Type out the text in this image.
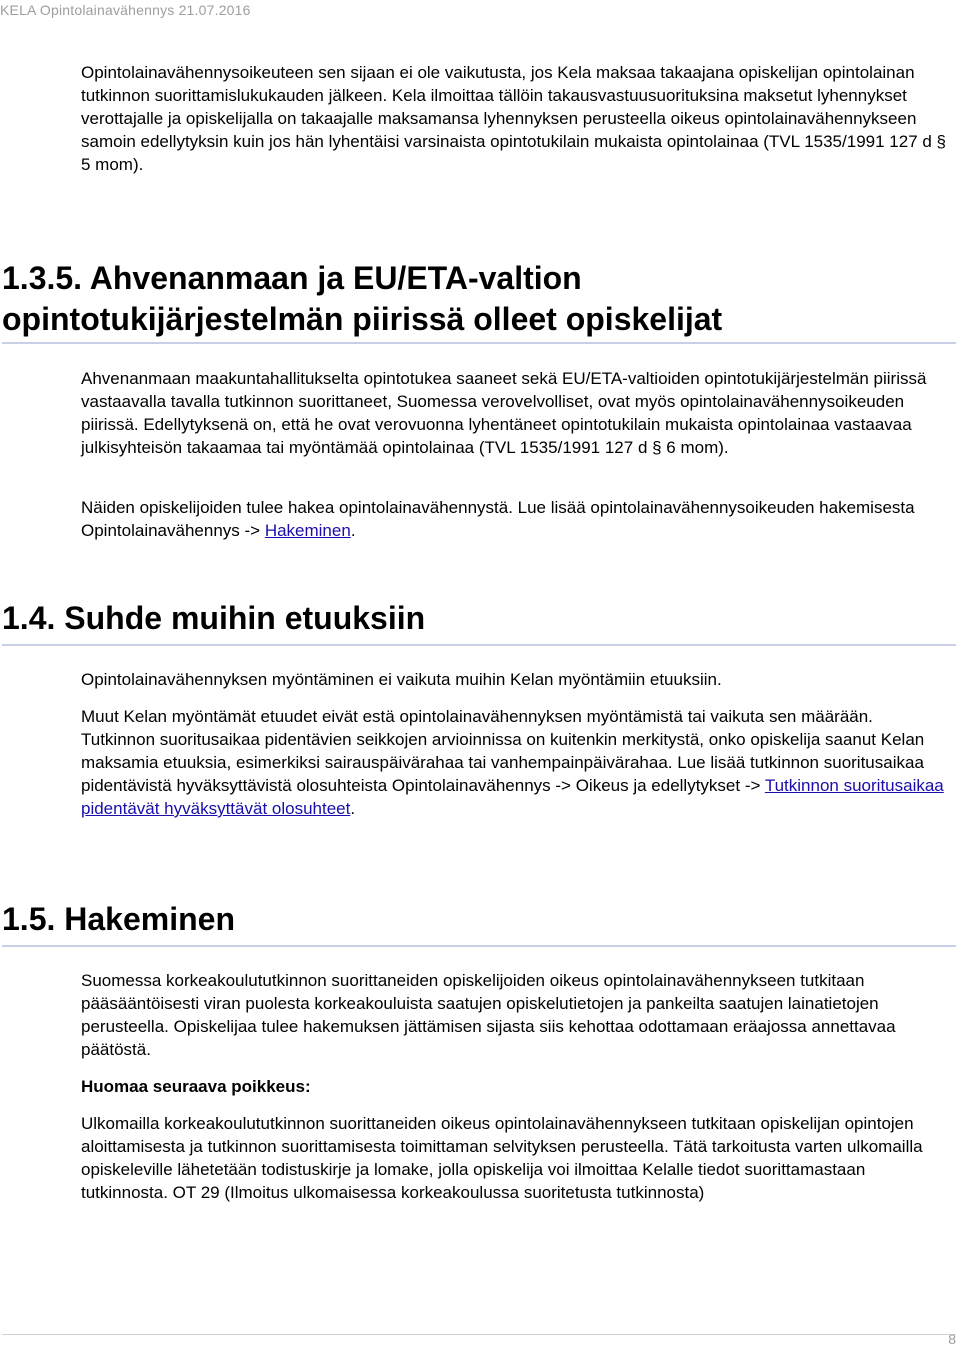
KELA Opintolainavähennys 21.07.2016

Opintolainavähennysoikeuteen sen sijaan ei ole vaikutusta, jos Kela maksaa takaajana opiskelijan opintolainan tutkinnon suorittamislukukauden jälkeen. Kela ilmoittaa tällöin takausvastuusuorituksina maksetut lyhennykset verottajalle ja opiskelijalla on takaajalle maksamansa lyhennyksen perusteella oikeus opintolainavähennykseen samoin edellytyksin kuin jos hän lyhentäisi varsinaista opintotukilain mukaista opintolainaa (TVL 1535/1991 127 d § 5 mom).

1.3.5. Ahvenanmaan ja EU/ETA-valtion opintotukijärjestelmän piirissä olleet opiskelijat

Ahvenanmaan maakuntahallitukselta opintotukea saaneet sekä EU/ETA-valtioiden opintotukijärjestelmän piirissä vastaavalla tavalla tutkinnon suorittaneet, Suomessa verovelvolliset, ovat myös opintolainavähennysoikeuden piirissä. Edellytyksenä on, että he ovat verovuonna lyhentäneet opintotukilain mukaista opintolainaa vastaavaa julkisyhteisön takaamaa tai myöntämää opintolainaa (TVL 1535/1991 127 d § 6 mom).

Näiden opiskelijoiden tulee hakea opintolainavähennystä. Lue lisää opintolainavähennysoikeuden hakemisesta Opintolainavähennys -> Hakeminen.

1.4. Suhde muihin etuuksiin

Opintolainavähennyksen myöntäminen ei vaikuta muihin Kelan myöntämiin etuuksiin.

Muut Kelan myöntämät etuudet eivät estä opintolainavähennyksen myöntämistä tai vaikuta sen määrään. Tutkinnon suoritusaikaa pidentävien seikkojen arvioinnissa on kuitenkin merkitystä, onko opiskelija saanut Kelan maksamia etuuksia, esimerkiksi sairauspäivärahaa tai vanhempainpäivärahaa. Lue lisää tutkinnon suoritusaikaa pidentävistä hyväksyttävistä olosuhteista Opintolainavähennys -> Oikeus ja edellytykset -> Tutkinnon suoritusaikaa pidentävät hyväksyttävät olosuhteet.

1.5. Hakeminen

Suomessa korkeakoulututkinnon suorittaneiden opiskelijoiden oikeus opintolainavähennykseen tutkitaan pääsääntöisesti viran puolesta korkeakouluista saatujen opiskelutietojen ja pankeilta saatujen lainatietojen perusteella. Opiskelijaa tulee hakemuksen jättämisen sijasta siis kehottaa odottamaan eräajossa annettavaa päätöstä.

Huomaa seuraava poikkeus:

Ulkomailla korkeakoulututkinnon suorittaneiden oikeus opintolainavähennykseen tutkitaan opiskelijan opintojen aloittamisesta ja tutkinnon suorittamisesta toimittaman selvityksen perusteella. Tätä tarkoitusta varten ulkomailla opiskeleville lähetetään todistuskirje ja lomake, jolla opiskelija voi ilmoittaa Kelalle tiedot suorittamastaan tutkinnosta. OT 29 (Ilmoitus ulkomaisessa korkeakoulussa suoritetusta tutkinnosta)

8
